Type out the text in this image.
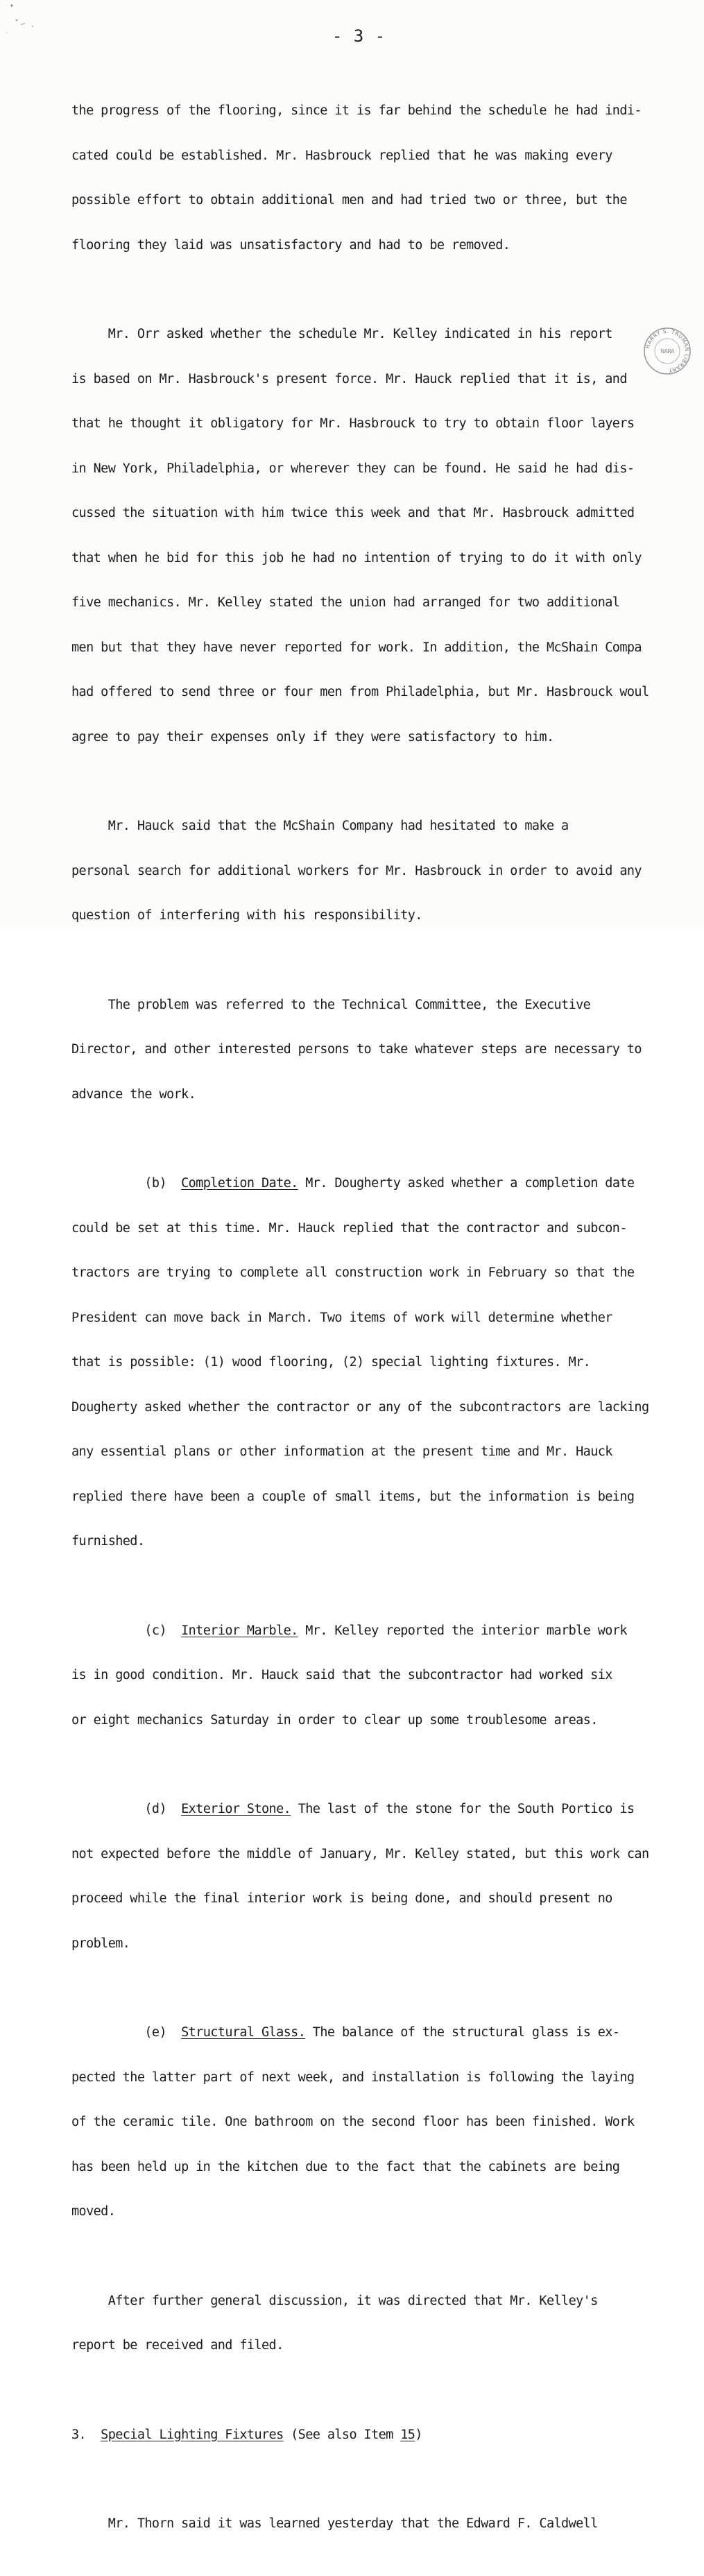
- 3 -
HARRY S. TRUMAN LIBRARY
NARA

the progress of the flooring, since it is far behind the schedule he had indi-

cated could be established. Mr. Hasbrouck replied that he was making every

possible effort to obtain additional men and had tried two or three, but the

flooring they laid was unsatisfactory and had to be removed.

Mr. Orr asked whether the schedule Mr. Kelley indicated in his report

is based on Mr. Hasbrouck's present force. Mr. Hauck replied that it is, and

that he thought it obligatory for Mr. Hasbrouck to try to obtain floor layers

in New York, Philadelphia, or wherever they can be found. He said he had dis-

cussed the situation with him twice this week and that Mr. Hasbrouck admitted

that when he bid for this job he had no intention of trying to do it with only

five mechanics. Mr. Kelley stated the union had arranged for two additional

men but that they have never reported for work. In addition, the McShain Compa

had offered to send three or four men from Philadelphia, but Mr. Hasbrouck woul

agree to pay their expenses only if they were satisfactory to him.

Mr. Hauck said that the McShain Company had hesitated to make a

personal search for additional workers for Mr. Hasbrouck in order to avoid any

question of interfering with his responsibility.

The problem was referred to the Technical Committee, the Executive

Director, and other interested persons to take whatever steps are necessary to

advance the work.

(b) Completion Date. Mr. Dougherty asked whether a completion date

could be set at this time. Mr. Hauck replied that the contractor and subcon-

tractors are trying to complete all construction work in February so that the

President can move back in March. Two items of work will determine whether

that is possible: (1) wood flooring, (2) special lighting fixtures. Mr.

Dougherty asked whether the contractor or any of the subcontractors are lacking

any essential plans or other information at the present time and Mr. Hauck

replied there have been a couple of small items, but the information is being

furnished.

(c) Interior Marble. Mr. Kelley reported the interior marble work

is in good condition. Mr. Hauck said that the subcontractor had worked six

or eight mechanics Saturday in order to clear up some troublesome areas.

(d) Exterior Stone. The last of the stone for the South Portico is

not expected before the middle of January, Mr. Kelley stated, but this work can

proceed while the final interior work is being done, and should present no

problem.

(e) Structural Glass. The balance of the structural glass is ex-

pected the latter part of next week, and installation is following the laying

of the ceramic tile. One bathroom on the second floor has been finished. Work

has been held up in the kitchen due to the fact that the cabinets are being

moved.

After further general discussion, it was directed that Mr. Kelley's

report be received and filed.

3. Special Lighting Fixtures (See also Item 15)

Mr. Thorn said it was learned yesterday that the Edward F. Caldwell
